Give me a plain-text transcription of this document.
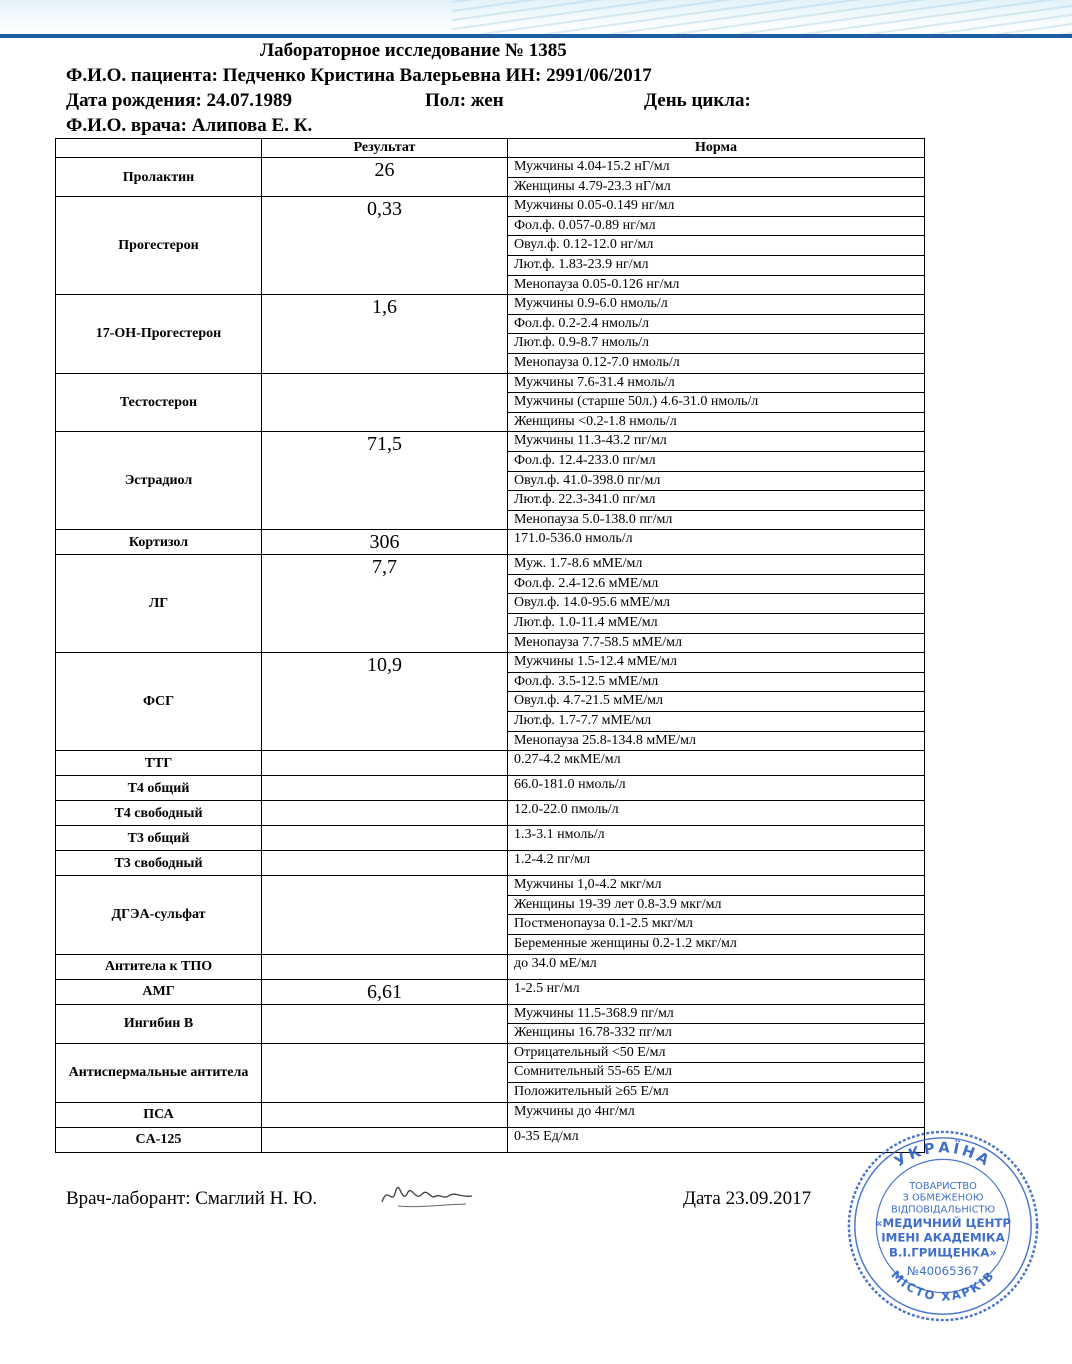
Лабораторное исследование № 1385
Ф.И.О. пациента: Педченко Кристина Валерьевна ИН: 2991/06/2017
Дата рождения: 24.07.1989	Пол: жен	День цикла:
Ф.И.О. врача: Алипова Е. К.
	Результат	Норма
Пролактин	26	Мужчины 4.04-15.2 нГ/мл
		Женщины 4.79-23.3 нГ/мл
Прогестерон	0,33	Мужчины 0.05-0.149 нг/мл
		Фол.ф. 0.057-0.89 нг/мл
		Овул.ф. 0.12-12.0 нг/мл
		Лют.ф. 1.83-23.9 нг/мл
		Менопауза 0.05-0.126 нг/мл
17-ОН-Прогестерон	1,6	Мужчины 0.9-6.0 нмоль/л
		Фол.ф. 0.2-2.4 нмоль/л
		Лют.ф. 0.9-8.7 нмоль/л
		Менопауза 0.12-7.0 нмоль/л
Тестостерон		Мужчины 7.6-31.4 нмоль/л
		Мужчины (старше 50л.) 4.6-31.0 нмоль/л
		Женщины <0.2-1.8 нмоль/л
Эстрадиол	71,5	Мужчины 11.3-43.2 пг/мл
		Фол.ф. 12.4-233.0 пг/мл
		Овул.ф. 41.0-398.0 пг/мл
		Лют.ф. 22.3-341.0 пг/мл
		Менопауза 5.0-138.0 пг/мл
Кортизол	306	171.0-536.0 нмоль/л
ЛГ	7,7	Муж. 1.7-8.6 мМЕ/мл
		Фол.ф. 2.4-12.6 мМЕ/мл
		Овул.ф. 14.0-95.6 мМЕ/мл
		Лют.ф. 1.0-11.4 мМЕ/мл
		Менопауза 7.7-58.5 мМЕ/мл
ФСГ	10,9	Мужчины 1.5-12.4 мМЕ/мл
		Фол.ф. 3.5-12.5 мМЕ/мл
		Овул.ф. 4.7-21.5 мМЕ/мл
		Лют.ф. 1.7-7.7 мМЕ/мл
		Менопауза 25.8-134.8 мМЕ/мл
ТТГ		0.27-4.2 мкМЕ/мл
Т4 общий		66.0-181.0 нмоль/л
Т4 свободный		12.0-22.0 пмоль/л
Т3 общий		1.3-3.1 нмоль/л
Т3 свободный		1.2-4.2 пг/мл
ДГЭА-сульфат		Мужчины 1,0-4.2 мкг/мл
		Женщины 19-39 лет 0.8-3.9 мкг/мл
		Постменопауза 0.1-2.5 мкг/мл
		Беременные женщины 0.2-1.2 мкг/мл
Антитела к ТПО		до 34.0 мЕ/мл
АМГ	6,61	1-2.5 нг/мл
Ингибин В		Мужчины 11.5-368.9 пг/мл
		Женщины 16.78-332 пг/мл
Антиспермальные антитела		Отрицательный <50 Е/мл
		Сомнительный 55-65 Е/мл
		Положительный ≥65 Е/мл
ПСА		Мужчины до 4нг/мл
CA-125		0-35 Ед/мл
Врач-лаборант: Смаглий Н. Ю.	Дата 23.09.2017
УКРАЇНА
МІСТО ХАРКІВ
ТОВАРИСТВО
З ОБМЕЖЕНОЮ
ВІДПОВІДАЛЬНІСТЮ
«МЕДИЧНИЙ ЦЕНТР
ІМЕНІ АКАДЕМІКА
В.І.ГРИЩЕНКА»
№40065367
